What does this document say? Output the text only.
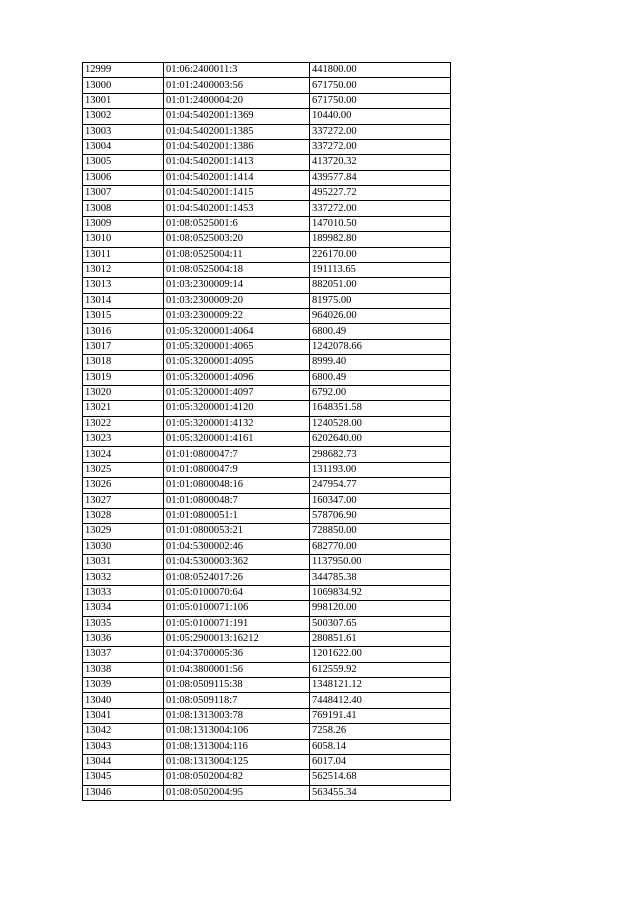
12999	01:06:2400011:3	441800.00
13000	01:01:2400003:56	671750.00
13001	01:01:2400004:20	671750.00
13002	01:04:5402001:1369	10440.00
13003	01:04:5402001:1385	337272.00
13004	01:04:5402001:1386	337272.00
13005	01:04:5402001:1413	413720.32
13006	01:04:5402001:1414	439577.84
13007	01:04:5402001:1415	495227.72
13008	01:04:5402001:1453	337272.00
13009	01:08:0525001:6	147010.50
13010	01:08:0525003:20	189982.80
13011	01:08:0525004:11	226170.00
13012	01:08:0525004:18	191113.65
13013	01:03:2300009:14	882051.00
13014	01:03:2300009:20	81975.00
13015	01:03:2300009:22	964026.00
13016	01:05:3200001:4064	6800.49
13017	01:05:3200001:4065	1242078.66
13018	01:05:3200001:4095	8999.40
13019	01:05:3200001:4096	6800.49
13020	01:05:3200001:4097	6792.00
13021	01:05:3200001:4120	1648351.58
13022	01:05:3200001:4132	1240528.00
13023	01:05:3200001:4161	6202640.00
13024	01:01:0800047:7	298682.73
13025	01:01:0800047:9	131193.00
13026	01:01:0800048:16	247954.77
13027	01:01:0800048:7	160347.00
13028	01:01:0800051:1	578706.90
13029	01:01:0800053:21	728850.00
13030	01:04:5300002:46	682770.00
13031	01:04:5300003:362	1137950.00
13032	01:08:0524017:26	344785.38
13033	01:05:0100070:64	1069834.92
13034	01:05:0100071:106	998120.00
13035	01:05:0100071:191	500307.65
13036	01:05:2900013:16212	280851.61
13037	01:04:3700005:36	1201622.00
13038	01:04:3800001:56	612559.92
13039	01:08:0509115:38	1348121.12
13040	01:08:0509118:7	7448412.40
13041	01:08:1313003:78	769191.41
13042	01:08:1313004:106	7258.26
13043	01:08:1313004:116	6058.14
13044	01:08:1313004:125	6017.04
13045	01:08:0502004:82	562514.68
13046	01:08:0502004:95	563455.34
